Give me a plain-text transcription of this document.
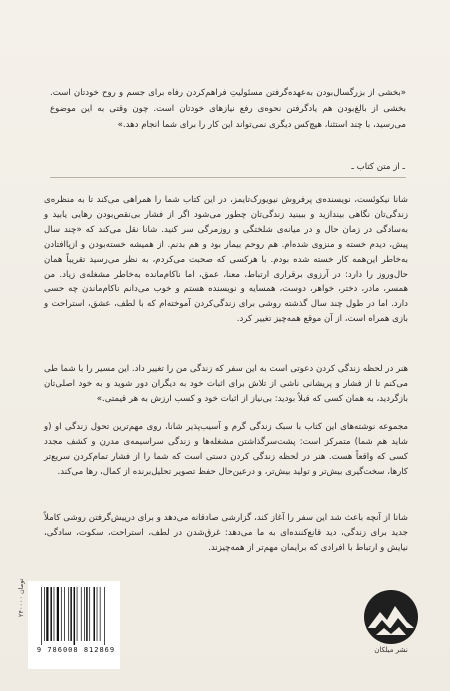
«بخشی از بزرگسال‌بودن به‌عهده‌گرفتن مسئولیتِ فراهم‌کردن رفاه برای جسم و روح خودتان است. بخشی از بالغ‌بودن هم یادگرفتن نحوه‌ی رفع نیازهای خودتان است. چون وقتی به این موضوع می‌رسید، با چند استثنا، هیچ‌کس دیگری نمی‌تواند این کار را برای شما انجام دهد.»
ـ از متن کتاب ـ
شانا نیکوئست، نویسنده‌ی پرفروش نیویورک‌تایمز، در این کتاب شما را همراهی می‌کند تا به منظره‌ی زندگی‌تان نگاهی بیندازید و ببینید زندگی‌تان چطور می‌شود اگر از فشار بی‌نقص‌بودن رهایی یابید و به‌سادگی در زمان حال و در میانه‌ی شلختگی و روزمرگی سر کنید. شانا نقل می‌کند که «چند سال پیش، دیدم خسته و منزوی شده‌ام. هم روحم بیمار بود و هم بدنم. از همیشه خسته‌بودن و ازپاافتادن به‌خاطر این‌همه کار خسته شده بودم. با هرکسی که صحبت می‌کردم، به نظر می‌رسید تقریباً همان حال‌وروز را دارد: در آرزوی برقراری ارتباط، معنا، عمق، اما ناکام‌مانده به‌خاطر مشغله‌ی زیاد. من همسر، مادر، دختر، خواهر، دوست، همسایه و نویسنده هستم و خوب می‌دانم ناکام‌ماندن چه حسی دارد. اما در طول چند سال گذشته روشی برای زندگی‌کردن آموخته‌ام که با لطف، عشق، استراحت و بازی همراه است، از آن موقع همه‌چیز تغییر کرد.
هنر در لحظه زندگی کردن دعوتی است به این سفر که زندگی من را تغییر داد. این مسیر را با شما طی می‌کنم تا از فشار و پریشانی ناشی از تلاش برای اثبات خود به دیگران دور شوید و به خود اصلی‌تان بازگردید، به همان کسی که قبلاً بودید: بی‌نیاز از اثبات خود و کسب ارزش به هر قیمتی.»
مجموعه نوشته‌های این کتاب با سبک زندگی گرم و آسیب‌پذیر شانا، روی مهم‌ترین تحول زندگی او (و شاید هم شما) متمرکز است: پشت‌سرگذاشتن مشغله‌ها و زندگی سراسیمه‌ی مدرن و کشف مجدد کسی که واقعاً هست. هنر در لحظه زندگی کردن دستی است که شما را از فشار تمام‌کردن سریع‌تر کارها، سخت‌گیری بیش‌تر و تولید بیش‌تر، و درعین‌حال حفظ تصویر تحلیل‌برنده از کمال، رها می‌کند.
شانا از آنچه باعث شد این سفر را آغاز کند، گزارشی صادقانه می‌دهد و برای درپیش‌گرفتن روشی کاملاً جدید برای زندگی، دید قانع‌کننده‌ای به ما می‌دهد: غرق‌شدن در لطف، استراحت، سکوت، سادگی، نیایش و ارتباط با افرادی که برایمان مهم‌تر از همه‌چیزند.
۲۴۰۰۰۰ تومان
9 786008 812869	نشر میلکان
